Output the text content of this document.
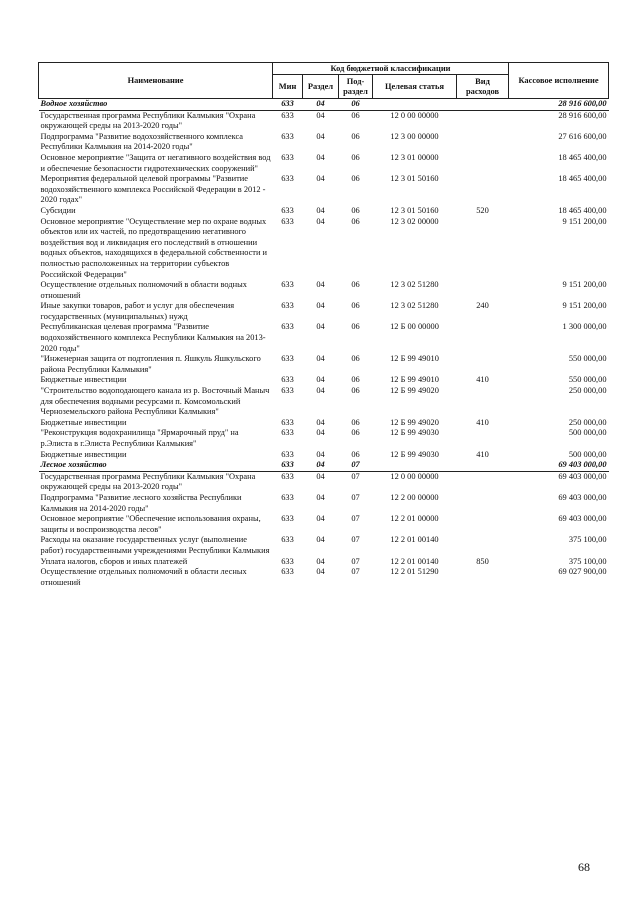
Наименование	Код бюджетной классификации					Кассовое исполнение
	Мин	Раздел	Под-раздел	Целевая статья	Вид расходов	
Водное хозяйство	633	04	06			28 916 600,00
Государственная программа Республики Калмыкия "Охрана окружающей среды на 2013-2020 годы"	633	04	06	12 0 00 00000		28 916 600,00
Подпрограмма "Развитие водохозяйственного комплекса Республики Калмыкия на 2014-2020 годы"	633	04	06	12 3 00 00000		27 616 600,00
Основное мероприятие "Защита от негативного воздействия вод и обеспечение безопасности гидротехнических сооружений"	633	04	06	12 3 01 00000		18 465 400,00
Мероприятия федеральной целевой программы "Развитие водохозяйственного комплекса Российской Федерации в 2012 - 2020 годах"	633	04	06	12 3 01 50160		18 465 400,00
Субсидии	633	04	06	12 3 01 50160	520	18 465 400,00
Основное мероприятие "Осуществление мер по охране водных объектов или их частей, по предотвращению негативного воздействия вод и ликвидация его последствий в отношении водных объектов, находящихся в федеральной собственности и полностью расположенных на территории субъектов Российской Федерации"	633	04	06	12 3 02 00000		9 151 200,00
Осуществление отдельных полномочий в области водных отношений	633	04	06	12 3 02 51280		9 151 200,00
Иные закупки товаров, работ и услуг для обеспечения государственных (муниципальных) нужд	633	04	06	12 3 02 51280	240	9 151 200,00
Республиканская целевая программа "Развитие водохозяйственного комплекса Республики Калмыкия на 2013-2020 годы"	633	04	06	12 Б 00 00000		1 300 000,00
"Инженерная защита от подтопления п. Яшкуль Яшкульского района Республики Калмыкия"	633	04	06	12 Б 99 49010		550 000,00
Бюджетные инвестиции	633	04	06	12 Б 99 49010	410	550 000,00
"Строительство водоподающего канала из р. Восточный Маныч для обеспечения водными ресурсами п. Комсомольский Черноземельского района Республики Калмыкия"	633	04	06	12 Б 99 49020		250 000,00
Бюджетные инвестиции	633	04	06	12 Б 99 49020	410	250 000,00
"Реконструкция водохранилища "Ярмарочный пруд" на р.Элиста в г.Элиста Республики Калмыкия"	633	04	06	12 Б 99 49030		500 000,00
Бюджетные инвестиции	633	04	06	12 Б 99 49030	410	500 000,00
Лесное хозяйство	633	04	07			69 403 000,00
Государственная программа Республики Калмыкия "Охрана окружающей среды на 2013-2020 годы"	633	04	07	12 0 00 00000		69 403 000,00
Подпрограмма "Развитие лесного хозяйства Республики Калмыкия на 2014-2020 годы"	633	04	07	12 2 00 00000		69 403 000,00
Основное мероприятие "Обеспечение использования охраны, защиты и воспроизводства лесов"	633	04	07	12 2 01 00000		69 403 000,00
Расходы на оказание государственных услуг (выполнение работ) государственными учреждениями Республики Калмыкия	633	04	07	12 2 01 00140		375 100,00
Уплата налогов, сборов и иных платежей	633	04	07	12 2 01 00140	850	375 100,00
Осуществление отдельных полномочий в области лесных отношений	633	04	07	12 2 01 51290		69 027 900,00
68
